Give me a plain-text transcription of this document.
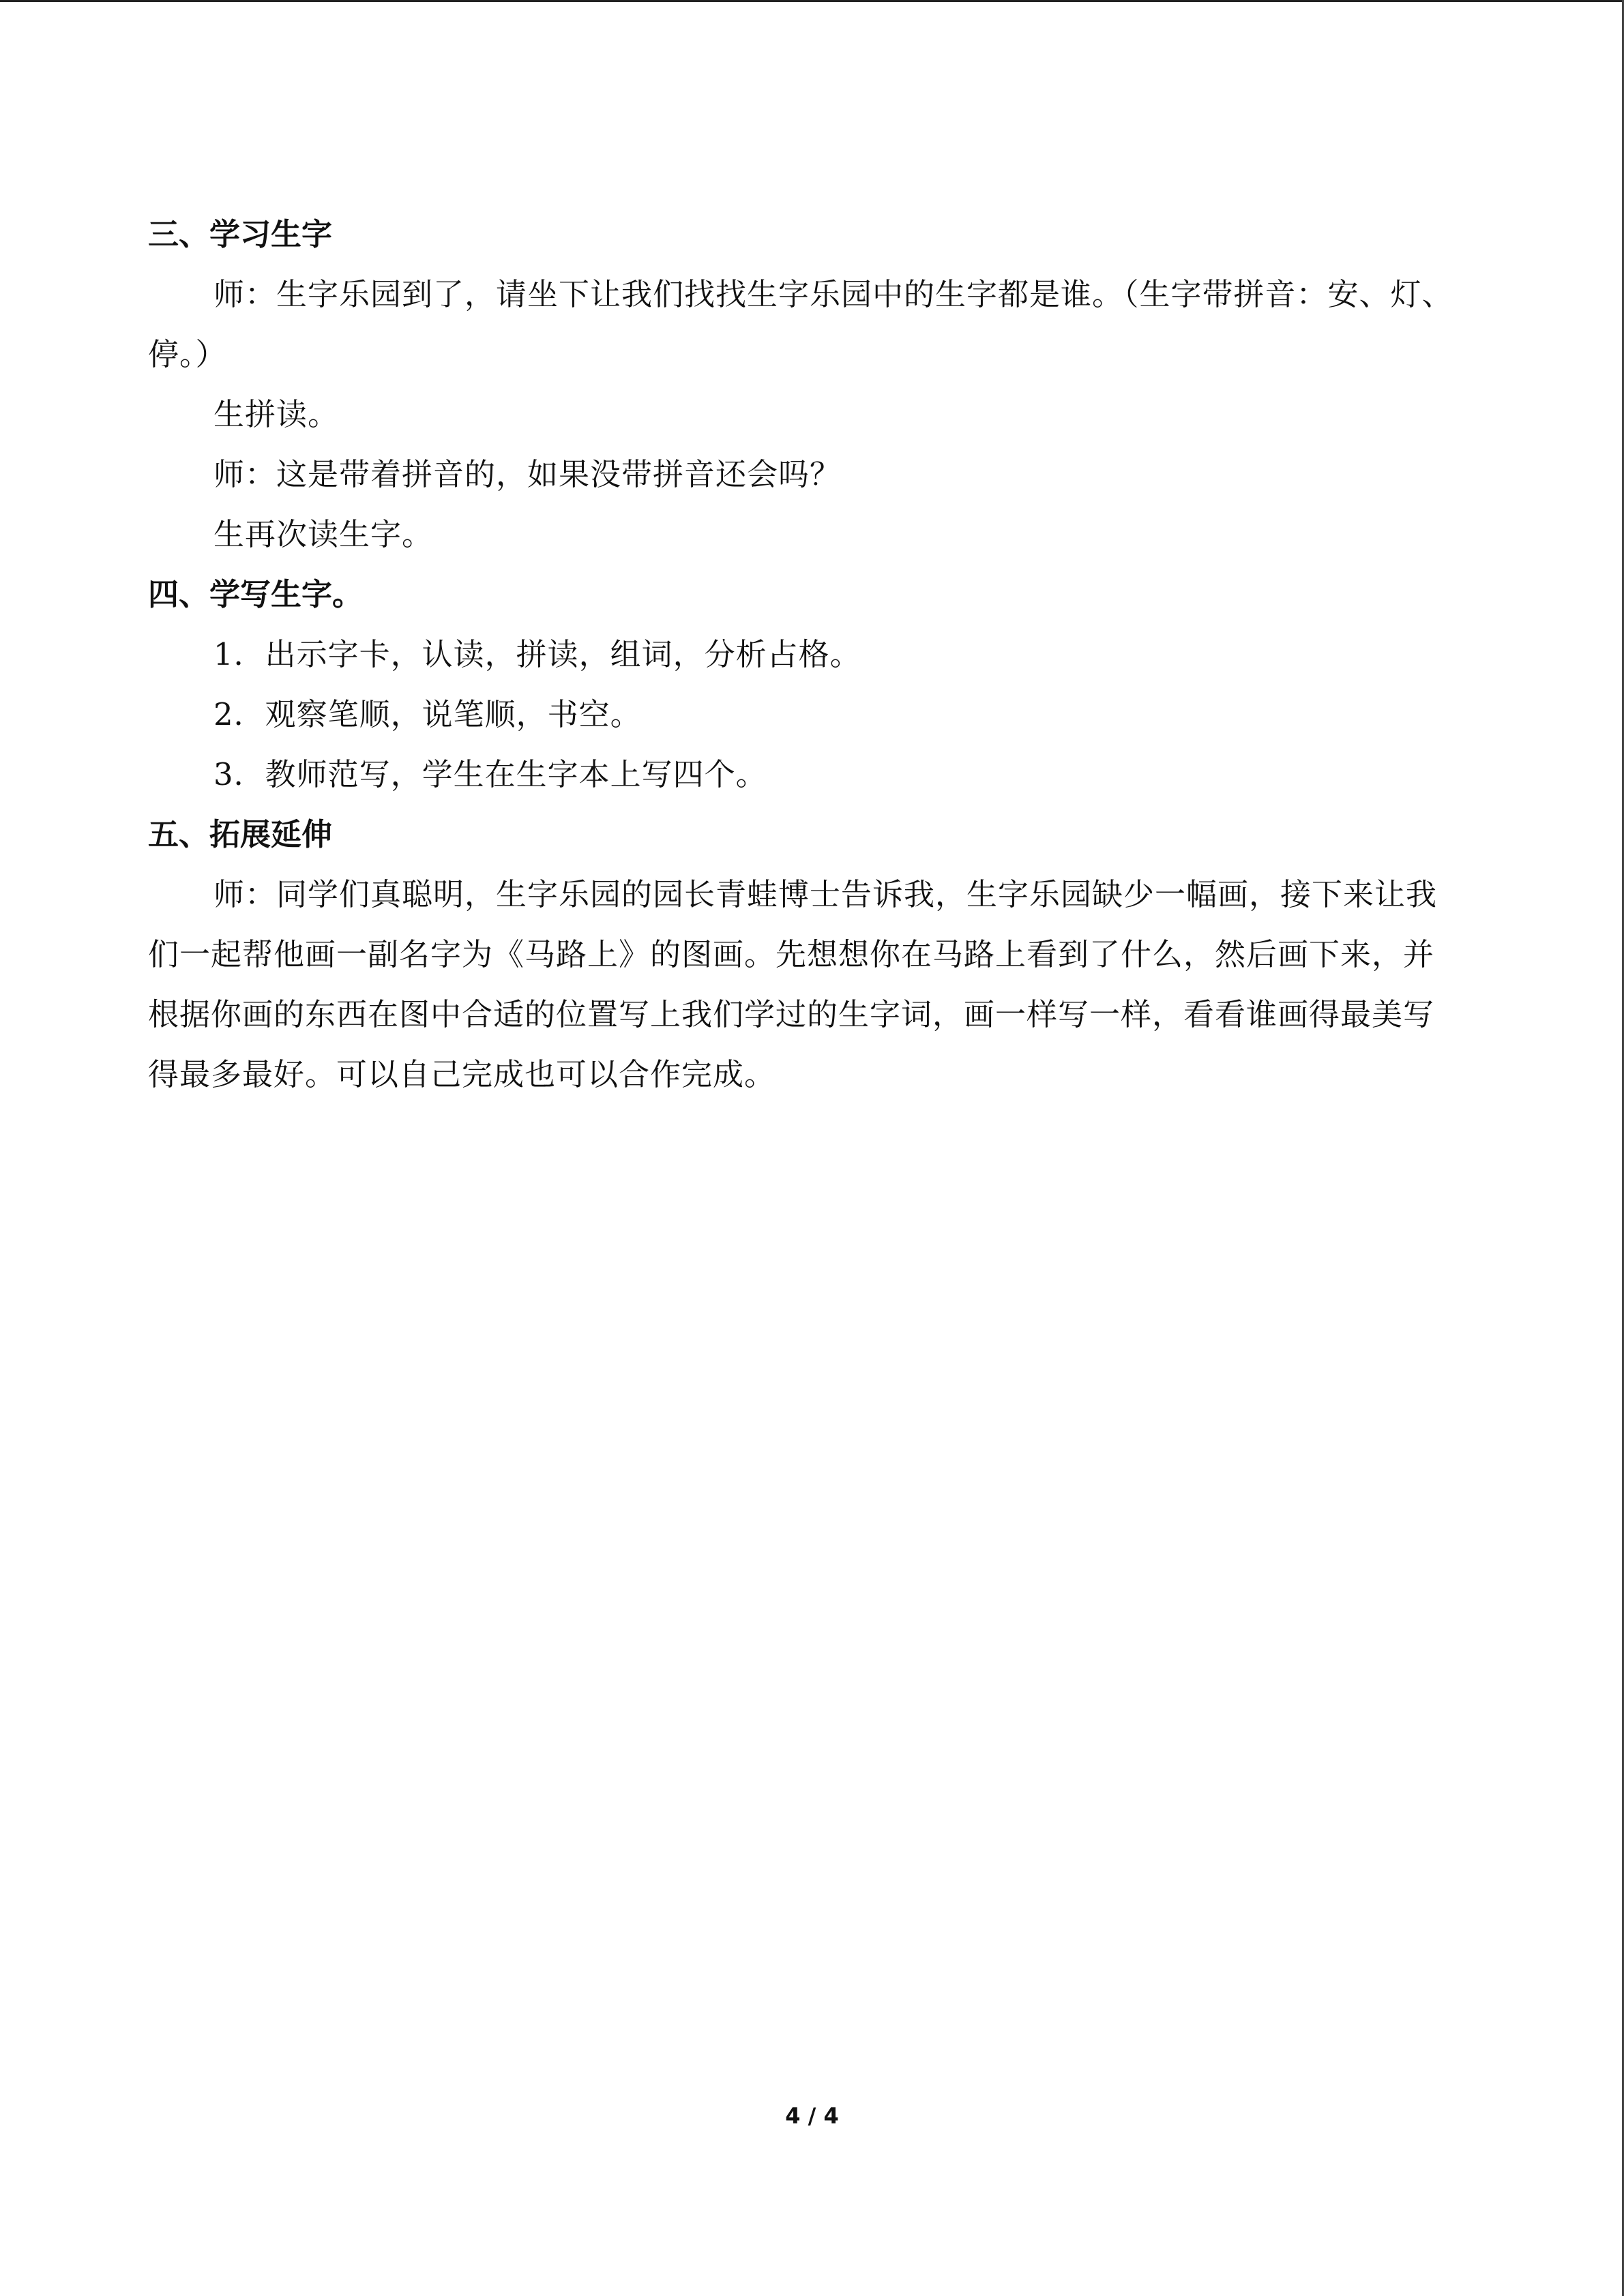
三、学习生字

师：生字乐园到了，请坐下让我们找找生字乐园中的生字都是谁。（生字带拼音：安、灯、停。）

生拼读。

师：这是带着拼音的，如果没带拼音还会吗？

生再次读生字。

四、学写生字。

1．出示字卡，认读，拼读，组词，分析占格。

2．观察笔顺，说笔顺，书空。

3．教师范写，学生在生字本上写四个。

五、拓展延伸

师：同学们真聪明，生字乐园的园长青蛙博士告诉我，生字乐园缺少一幅画，接下来让我们一起帮他画一副名字为《马路上》的图画。先想想你在马路上看到了什么，然后画下来，并根据你画的东西在图中合适的位置写上我们学过的生字词，画一样写一样，看看谁画得最美写得最多最好。可以自己完成也可以合作完成。

4 / 4
